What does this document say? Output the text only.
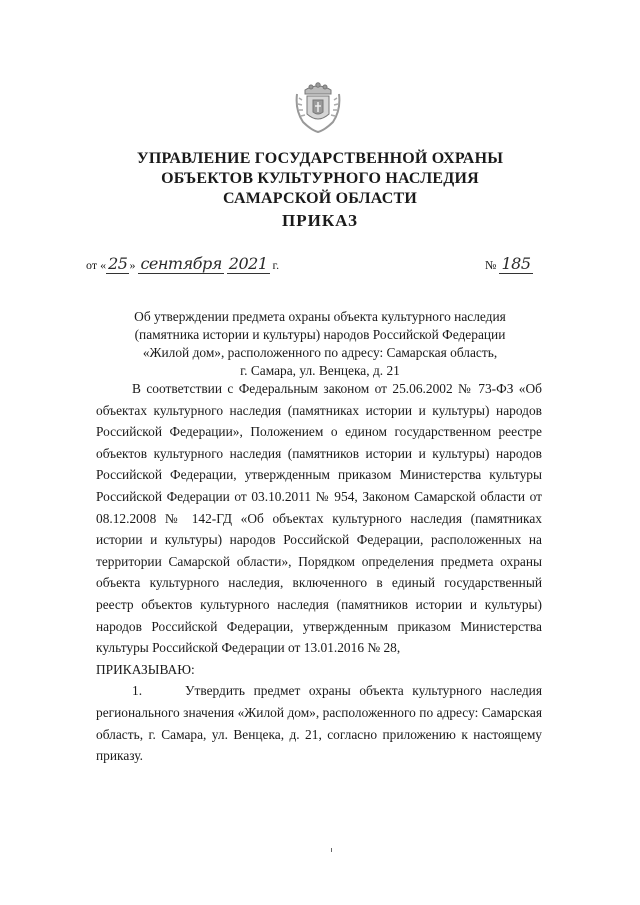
УПРАВЛЕНИЕ ГОСУДАРСТВЕННОЙ ОХРАНЫ
ОБЪЕКТОВ КУЛЬТУРНОГО НАСЛЕДИЯ
САМАРСКОЙ ОБЛАСТИ
ПРИКАЗ
от « 25 » сентября 2021 г.	№ 185
Об утверждении предмета охраны объекта культурного наследия
(памятника истории и культуры) народов Российской Федерации
«Жилой дом», расположенного по адресу: Самарская область,
г. Самара, ул. Венцека, д. 21

В соответствии с Федеральным законом от 25.06.2002 № 73-ФЗ «Об объектах культурного наследия (памятниках истории и культуры) народов Российской Федерации», Положением о едином государственном реестре объектов культурного наследия (памятников истории и культуры) народов Российской Федерации, утвержденным приказом Министерства культуры Российской Федерации от 03.10.2011 № 954, Законом Самарской области от 08.12.2008 № 142-ГД «Об объектах культурного наследия (памятниках истории и культуры) народов Российской Федерации, расположенных на территории Самарской области», Порядком определения предмета охраны объекта культурного наследия, включенного в единый государственный реестр объектов культурного наследия (памятников истории и культуры) народов Российской Федерации, утвержденным приказом Министерства культуры Российской Федерации от 13.01.2016 № 28,

ПРИКАЗЫВАЮ:

1.     Утвердить предмет охраны объекта культурного наследия регионального значения «Жилой дом», расположенного по адресу: Самарская область, г. Самара, ул. Венцека, д. 21, согласно приложению к настоящему приказу.
